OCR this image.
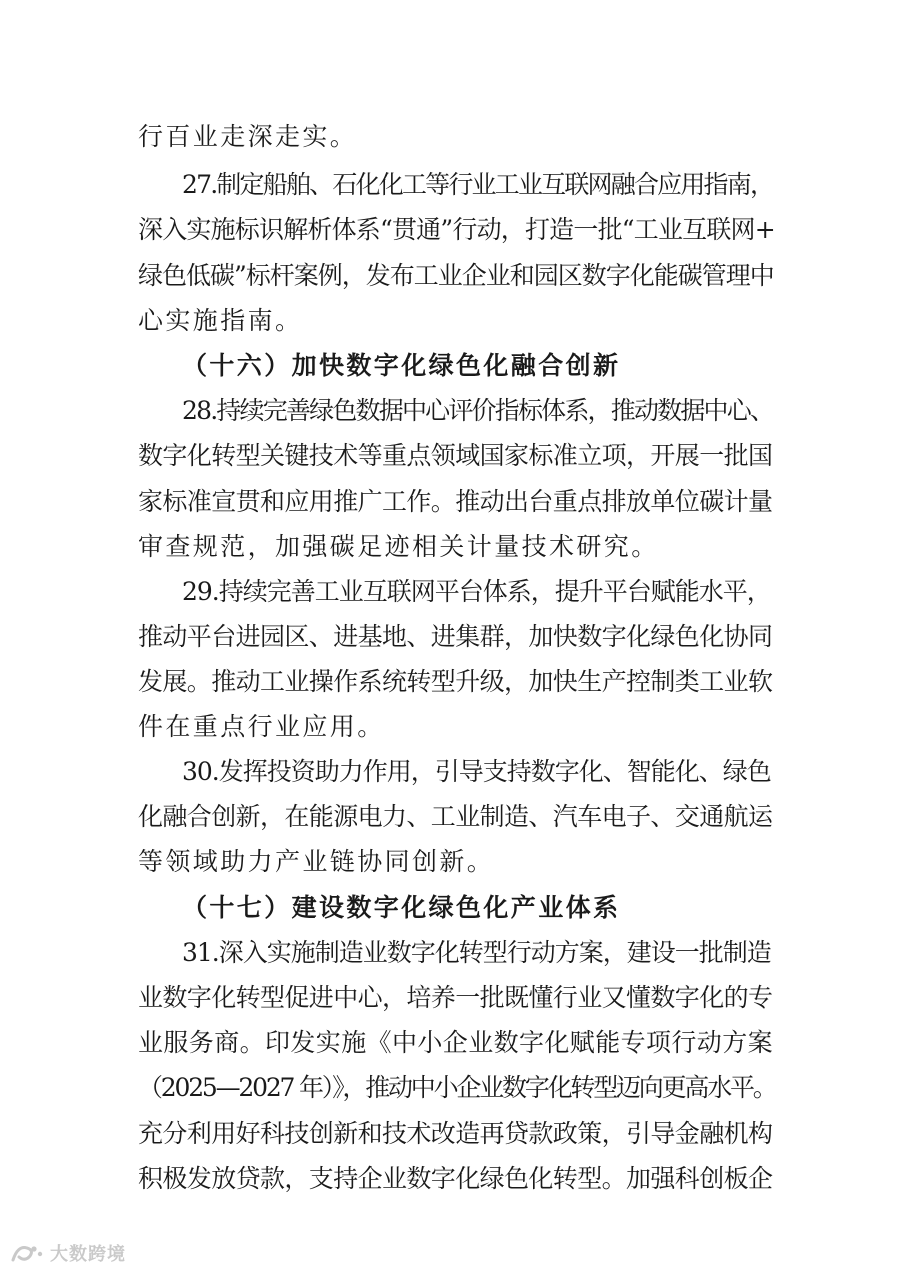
行百业走深走实。
27.制定船舶、石化化工等行业工业互联网融合应用指南，
深入实施标识解析体系“贯通”行动，打造一批“工业互联网+
绿色低碳”标杆案例，发布工业企业和园区数字化能碳管理中
心实施指南。
（十六）加快数字化绿色化融合创新
28.持续完善绿色数据中心评价指标体系，推动数据中心、
数字化转型关键技术等重点领域国家标准立项，开展一批国
家标准宣贯和应用推广工作。推动出台重点排放单位碳计量
审查规范，加强碳足迹相关计量技术研究。
29.持续完善工业互联网平台体系，提升平台赋能水平，
推动平台进园区、进基地、进集群，加快数字化绿色化协同
发展。推动工业操作系统转型升级，加快生产控制类工业软
件在重点行业应用。
30.发挥投资助力作用，引导支持数字化、智能化、绿色
化融合创新，在能源电力、工业制造、汽车电子、交通航运
等领域助力产业链协同创新。
（十七）建设数字化绿色化产业体系
31.深入实施制造业数字化转型行动方案，建设一批制造
业数字化转型促进中心，培养一批既懂行业又懂数字化的专
业服务商。印发实施《中小企业数字化赋能专项行动方案
（2025—2027 年）》，推动中小企业数字化转型迈向更高水平。
充分利用好科技创新和技术改造再贷款政策，引导金融机构
积极发放贷款，支持企业数字化绿色化转型。加强科创板企
大数跨境
